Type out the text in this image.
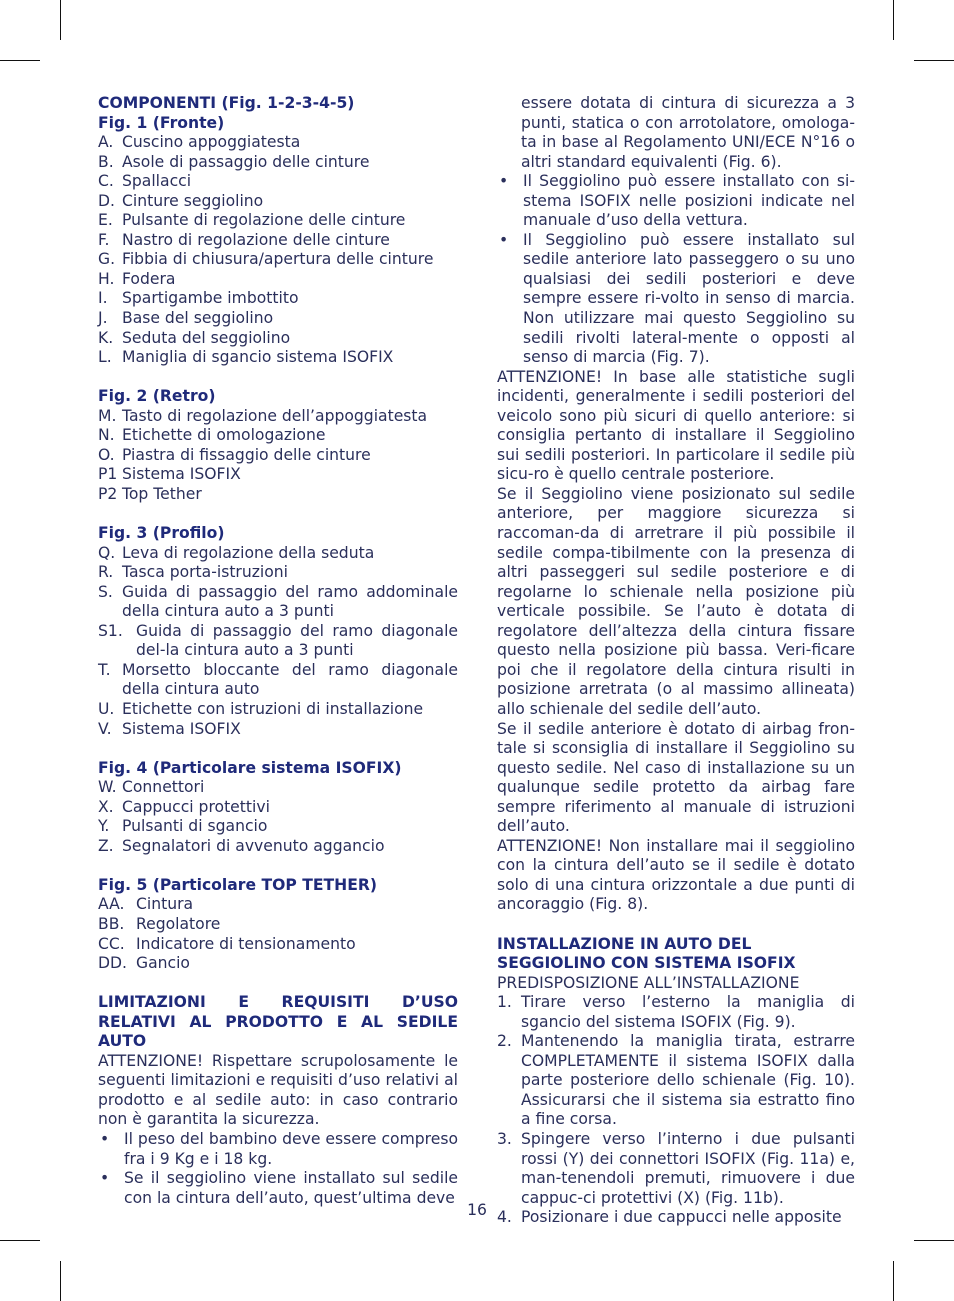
COMPONENTI (Fig. 1-2-3-4-5)
Fig. 1 (Fronte)
A. Cuscino appoggiatesta
B. Asole di passaggio delle cinture
C. Spallacci
D. Cinture seggiolino
E. Pulsante di regolazione delle cinture
F. Nastro di regolazione delle cinture
G. Fibbia di chiusura/apertura delle cinture
H. Fodera
I. Spartigambe imbottito
J. Base del seggiolino
K. Seduta del seggiolino
L. Maniglia di sgancio sistema ISOFIX
Fig. 2 (Retro)
M. Tasto di regolazione dell’appoggiatesta
N. Etichette di omologazione
O. Piastra di fissaggio delle cinture
P1 Sistema ISOFIX
P2 Top Tether
Fig. 3 (Profilo)
Q. Leva di regolazione della seduta
R. Tasca porta-istruzioni
S. Guida di passaggio del ramo addominale della cintura auto a 3 punti
S1. Guida di passaggio del ramo diagonale del-la cintura auto a 3 punti
T. Morsetto bloccante del ramo diagonale della cintura auto
U. Etichette con istruzioni di installazione
V. Sistema ISOFIX
Fig. 4 (Particolare sistema ISOFIX)
W. Connettori
X. Cappucci protettivi
Y. Pulsanti di sgancio
Z. Segnalatori di avvenuto aggancio
Fig. 5 (Particolare TOP TETHER)
AA. Cintura
BB. Regolatore
CC. Indicatore di tensionamento
DD. Gancio
LIMITAZIONI E REQUISITI D’USO RELATIVI AL PRODOTTO E AL SEDILE AUTO
ATTENZIONE! Rispettare scrupolosamente le seguenti limitazioni e requisiti d’uso relativi al prodotto e al sedile auto: in caso contrario non è garantita la sicurezza.
• Il peso del bambino deve essere compreso fra i 9 Kg e i 18 kg.
• Se il seggiolino viene installato sul sedile con la cintura dell’auto, quest’ultima deve
essere dotata di cintura di sicurezza a 3 punti, statica o con arrotolatore, omologa-ta in base al Regolamento UNI/ECE N°16 o altri standard equivalenti (Fig. 6).
• Il Seggiolino può essere installato con si-stema ISOFIX nelle posizioni indicate nel manuale d’uso della vettura.
• Il Seggiolino può essere installato sul sedile anteriore lato passeggero o su uno qualsiasi dei sedili posteriori e deve sempre essere ri-volto in senso di marcia. Non utilizzare mai questo Seggiolino su sedili rivolti lateral-mente o opposti al senso di marcia (Fig. 7).
ATTENZIONE! In base alle statistiche sugli incidenti, generalmente i sedili posteriori del veicolo sono più sicuri di quello anteriore: si consiglia pertanto di installare il Seggiolino sui sedili posteriori. In particolare il sedile più sicu-ro è quello centrale posteriore.
Se il Seggiolino viene posizionato sul sedile anteriore, per maggiore sicurezza si raccoman-da di arretrare il più possibile il sedile compa-tibilmente con la presenza di altri passeggeri sul sedile posteriore e di regolarne lo schienale nella posizione più verticale possibile. Se l’auto è dotata di regolatore dell’altezza della cintura fissare questo nella posizione più bassa. Veri-ficare poi che il regolatore della cintura risulti in posizione arretrata (o al massimo allineata) allo schienale del sedile dell’auto.
Se il sedile anteriore è dotato di airbag fron-tale si sconsiglia di installare il Seggiolino su questo sedile. Nel caso di installazione su un qualunque sedile protetto da airbag fare sempre riferimento al manuale di istruzioni dell’auto.
ATTENZIONE! Non installare mai il seggiolino con la cintura dell’auto se il sedile è dotato solo di una cintura orizzontale a due punti di ancoraggio (Fig. 8).
INSTALLAZIONE IN AUTO DEL SEGGIOLINO CON SISTEMA ISOFIX
PREDISPOSIZIONE ALL’INSTALLAZIONE
1. Tirare verso l’esterno la maniglia di sgancio del sistema ISOFIX (Fig. 9).
2. Mantenendo la maniglia tirata, estrarre COMPLETAMENTE il sistema ISOFIX dalla parte posteriore dello schienale (Fig. 10). Assicurarsi che il sistema sia estratto fino a fine corsa.
3. Spingere verso l’interno i due pulsanti rossi (Y) dei connettori ISOFIX (Fig. 11a) e, man-tenendoli premuti, rimuovere i due cappuc-ci protettivi (X) (Fig. 11b).
4. Posizionare i due cappucci nelle apposite
16
